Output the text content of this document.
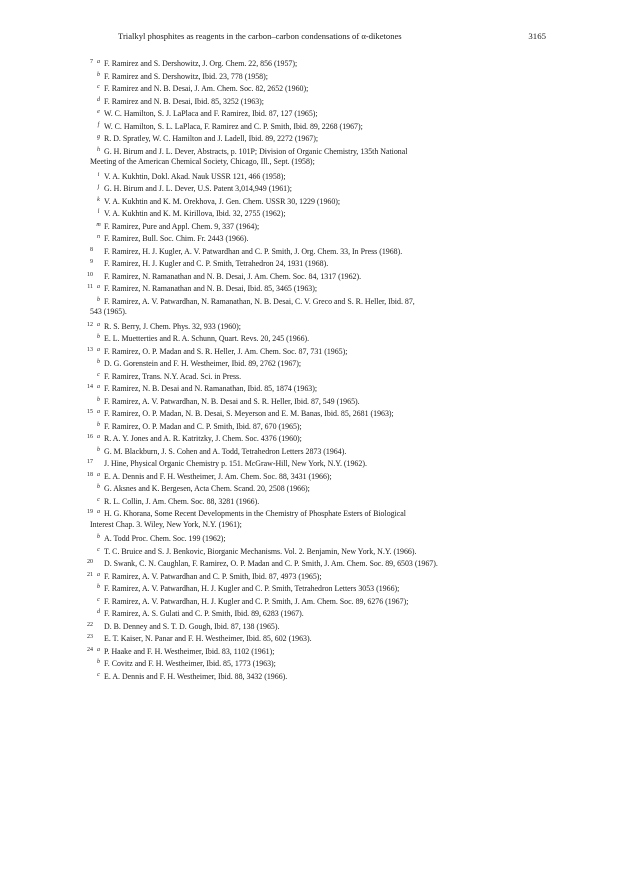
Trialkyl phosphites as reagents in the carbon–carbon condensations of α-diketones	3165
7 a F. Ramirez and S. Dershowitz, J. Org. Chem. 22, 856 (1957);
b F. Ramirez and S. Dershowitz, Ibid. 23, 778 (1958);
c F. Ramirez and N. B. Desai, J. Am. Chem. Soc. 82, 2652 (1960);
d F. Ramirez and N. B. Desai, Ibid. 85, 3252 (1963);
e W. C. Hamilton, S. J. LaPlaca and F. Ramirez, Ibid. 87, 127 (1965);
f W. C. Hamilton, S. L. LaPlaca, F. Ramirez and C. P. Smith, Ibid. 89, 2268 (1967);
g R. D. Spratley, W. C. Hamilton and J. Ladell, Ibid. 89, 2272 (1967);
h G. H. Birum and J. L. Dever, Abstracts, p. 101P; Division of Organic Chemistry, 135th National
Meeting of the American Chemical Society, Chicago, Ill., Sept. (1958);
i V. A. Kukhtin, Dokl. Akad. Nauk USSR 121, 466 (1958);
j G. H. Birum and J. L. Dever, U.S. Patent 3,014,949 (1961);
k V. A. Kukhtin and K. M. Orekhova, J. Gen. Chem. USSR 30, 1229 (1960);
l V. A. Kukhtin and K. M. Kirillova, Ibid. 32, 2755 (1962);
m F. Ramirez, Pure and Appl. Chem. 9, 337 (1964);
n F. Ramirez, Bull. Soc. Chim. Fr. 2443 (1966).
8 F. Ramirez, H. J. Kugler, A. V. Patwardhan and C. P. Smith, J. Org. Chem. 33, In Press (1968).
9 F. Ramirez, H. J. Kugler and C. P. Smith, Tetrahedron 24, 1931 (1968).
10 F. Ramirez, N. Ramanathan and N. B. Desai, J. Am. Chem. Soc. 84, 1317 (1962).
11 a F. Ramirez, N. Ramanathan and N. B. Desai, Ibid. 85, 3465 (1963);
b F. Ramirez, A. V. Patwardhan, N. Ramanathan, N. B. Desai, C. V. Greco and S. R. Heller, Ibid. 87,
543 (1965).
12 a R. S. Berry, J. Chem. Phys. 32, 933 (1960);
b E. L. Muetterties and R. A. Schunn, Quart. Revs. 20, 245 (1966).
13 a F. Ramirez, O. P. Madan and S. R. Heller, J. Am. Chem. Soc. 87, 731 (1965);
b D. G. Gorenstein and F. H. Westheimer, Ibid. 89, 2762 (1967);
c F. Ramirez, Trans. N.Y. Acad. Sci. in Press.
14 a F. Ramirez, N. B. Desai and N. Ramanathan, Ibid. 85, 1874 (1963);
b F. Ramirez, A. V. Patwardhan, N. B. Desai and S. R. Heller, Ibid. 87, 549 (1965).
15 a F. Ramirez, O. P. Madan, N. B. Desai, S. Meyerson and E. M. Banas, Ibid. 85, 2681 (1963);
b F. Ramirez, O. P. Madan and C. P. Smith, Ibid. 87, 670 (1965);
16 a R. A. Y. Jones and A. R. Katritzky, J. Chem. Soc. 4376 (1960);
b G. M. Blackburn, J. S. Cohen and A. Todd, Tetrahedron Letters 2873 (1964).
17 J. Hine, Physical Organic Chemistry p. 151. McGraw-Hill, New York, N.Y. (1962).
18 a E. A. Dennis and F. H. Westheimer, J. Am. Chem. Soc. 88, 3431 (1966);
b G. Aksnes and K. Bergesen, Acta Chem. Scand. 20, 2508 (1966);
c R. L. Collin, J. Am. Chem. Soc. 88, 3281 (1966).
19 a H. G. Khorana, Some Recent Developments in the Chemistry of Phosphate Esters of Biological
Interest Chap. 3. Wiley, New York, N.Y. (1961);
b A. Todd Proc. Chem. Soc. 199 (1962);
c T. C. Bruice and S. J. Benkovic, Biorganic Mechanisms. Vol. 2. Benjamin, New York, N.Y. (1966).
20 D. Swank, C. N. Caughlan, F. Ramirez, O. P. Madan and C. P. Smith, J. Am. Chem. Soc. 89, 6503 (1967).
21 a F. Ramirez, A. V. Patwardhan and C. P. Smith, Ibid. 87, 4973 (1965);
b F. Ramirez, A. V. Patwardhan, H. J. Kugler and C. P. Smith, Tetrahedron Letters 3053 (1966);
c F. Ramirez, A. V. Patwardhan, H. J. Kugler and C. P. Smith, J. Am. Chem. Soc. 89, 6276 (1967);
d F. Ramirez, A. S. Gulati and C. P. Smith, Ibid. 89, 6283 (1967).
22 D. B. Denney and S. T. D. Gough, Ibid. 87, 138 (1965).
23 E. T. Kaiser, N. Panar and F. H. Westheimer, Ibid. 85, 602 (1963).
24 a P. Haake and F. H. Westheimer, Ibid. 83, 1102 (1961);
b F. Covitz and F. H. Westheimer, Ibid. 85, 1773 (1963);
c E. A. Dennis and F. H. Westheimer, Ibid. 88, 3432 (1966).
